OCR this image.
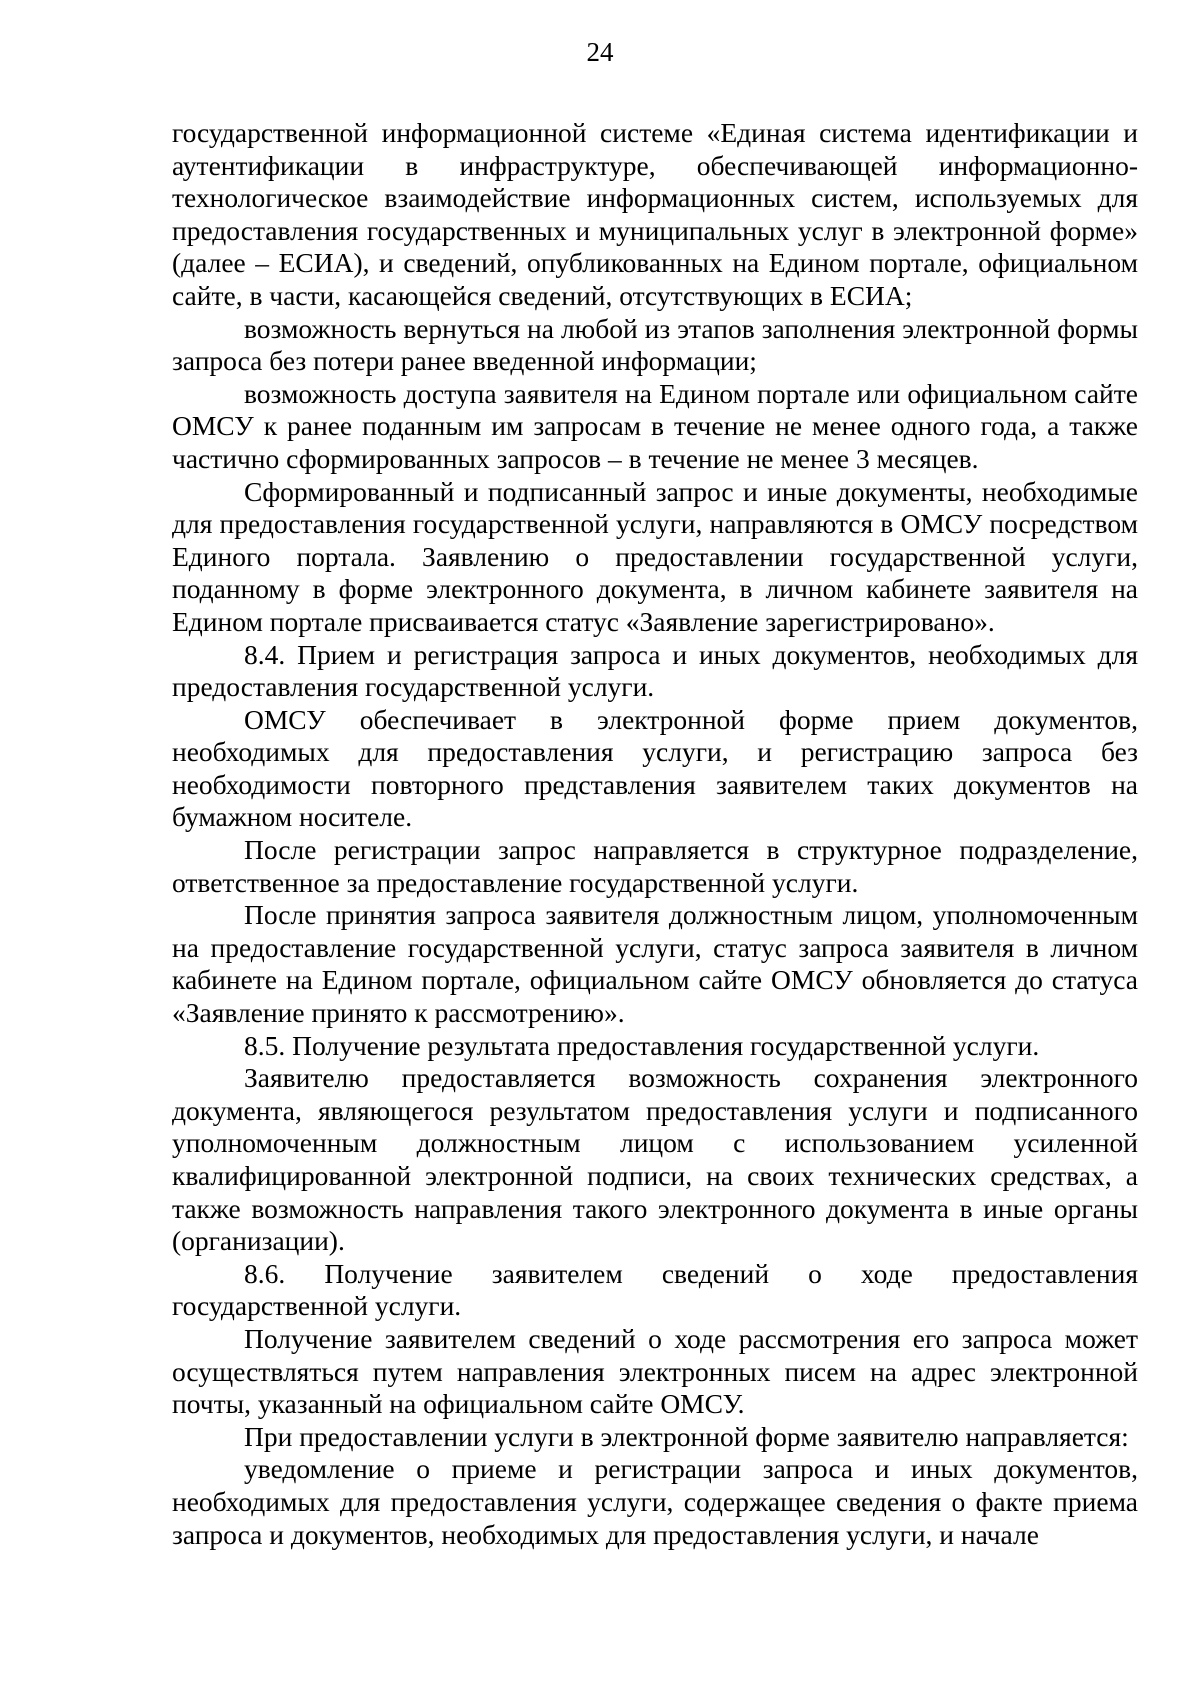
24

государственной информационной системе «Единая система идентификации и аутентификации в инфраструктуре, обеспечивающей информационно-технологическое взаимодействие информационных систем, используемых для предоставления государственных и муниципальных услуг в электронной форме» (далее – ЕСИА), и сведений, опубликованных на Едином портале, официальном сайте, в части, касающейся сведений, отсутствующих в ЕСИА;

возможность вернуться на любой из этапов заполнения электронной формы запроса без потери ранее введенной информации;

возможность доступа заявителя на Едином портале или официальном сайте ОМСУ к ранее поданным им запросам в течение не менее одного года, а также частично сформированных запросов – в течение не менее 3 месяцев.

Сформированный и подписанный запрос и иные документы, необходимые для предоставления государственной услуги, направляются в ОМСУ посредством Единого портала. Заявлению о предоставлении государственной услуги, поданному в форме электронного документа, в личном кабинете заявителя на Едином портале присваивается статус «Заявление зарегистрировано».

8.4. Прием и регистрация запроса и иных документов, необходимых для предоставления государственной услуги.

ОМСУ обеспечивает в электронной форме прием документов, необходимых для предоставления услуги, и регистрацию запроса без необходимости повторного представления заявителем таких документов на бумажном носителе.

После регистрации запрос направляется в структурное подразделение, ответственное за предоставление государственной услуги.

После принятия запроса заявителя должностным лицом, уполномоченным на предоставление государственной услуги, статус запроса заявителя в личном кабинете на Едином портале, официальном сайте ОМСУ обновляется до статуса «Заявление принято к рассмотрению».

8.5. Получение результата предоставления государственной услуги.

Заявителю предоставляется возможность сохранения электронного документа, являющегося результатом предоставления услуги и подписанного уполномоченным должностным лицом с использованием усиленной квалифицированной электронной подписи, на своих технических средствах, а также возможность направления такого электронного документа в иные органы (организации).

8.6. Получение заявителем сведений о ходе предоставления государственной услуги.

Получение заявителем сведений о ходе рассмотрения его запроса может осуществляться путем направления электронных писем на адрес электронной почты, указанный на официальном сайте ОМСУ.

При предоставлении услуги в электронной форме заявителю направляется:

уведомление о приеме и регистрации запроса и иных документов, необходимых для предоставления услуги, содержащее сведения о факте приема запроса и документов, необходимых для предоставления услуги, и начале
